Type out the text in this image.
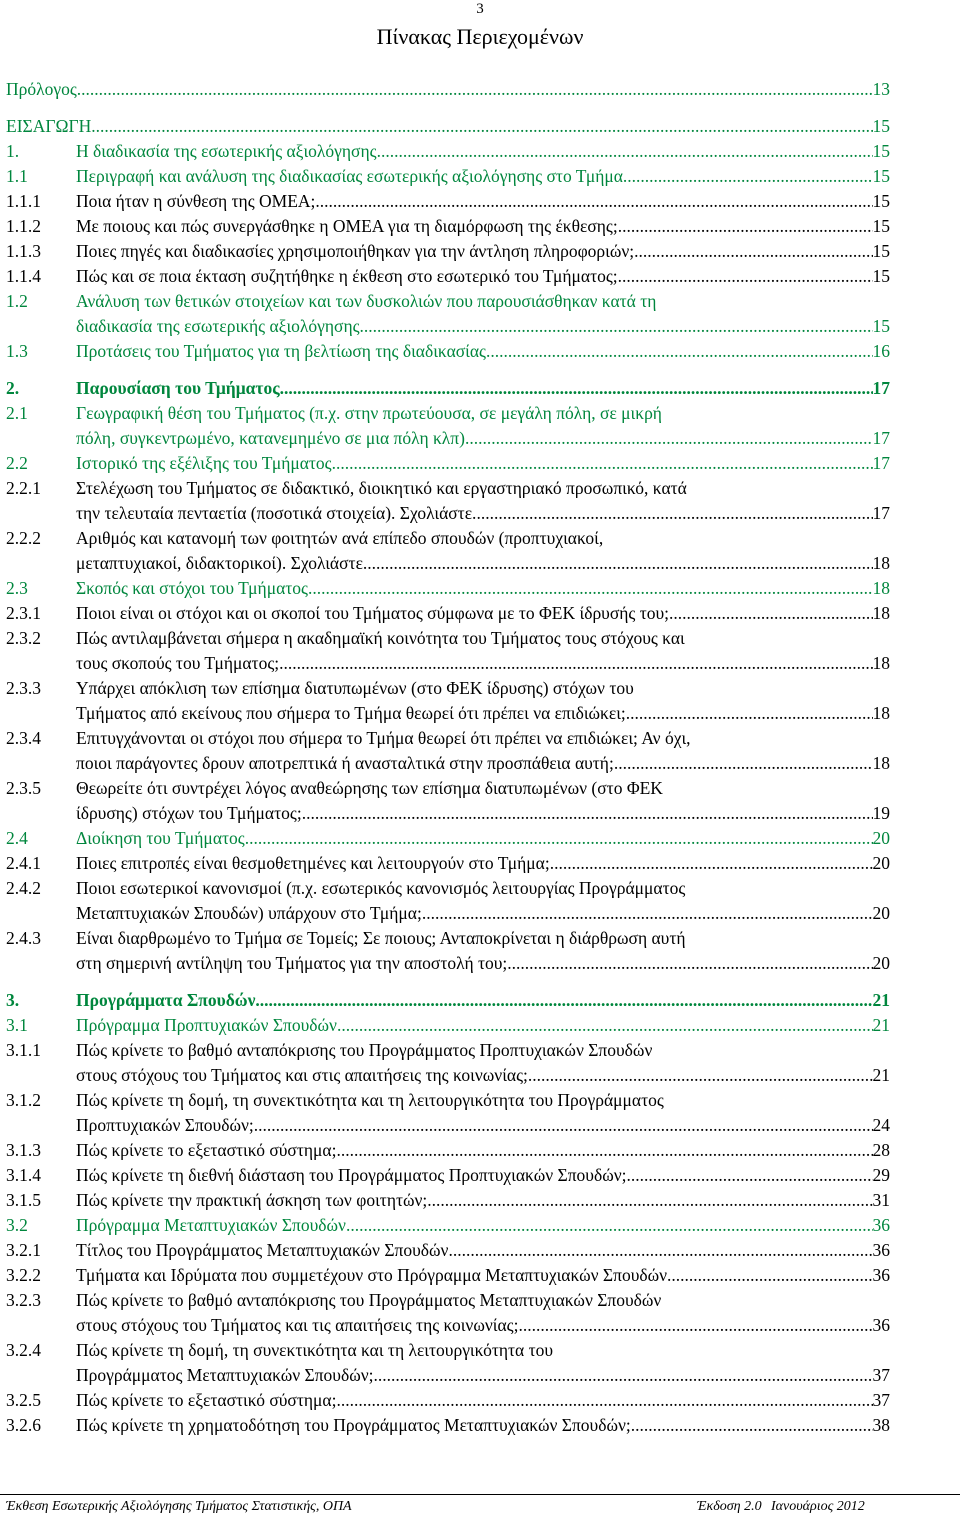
3
Πίνακας Περιεχομένων
Πρόλογος .....	13
ΕΙΣΑΓΩΓΗ .....	15
1.	Η διαδικασία της εσωτερικής αξιολόγησης .....	15
1.1	Περιγραφή και ανάλυση της διαδικασίας εσωτερικής αξιολόγησης στο Τμήμα. .....	15
1.1.1 Ποια ήταν η σύνθεση της ΟΜΕΑ; .....	15
1.1.2 Με ποιους και πώς συνεργάσθηκε η ΟΜΕΑ για τη διαμόρφωση της έκθεσης; .....	15
1.1.3 Ποιες πηγές και διαδικασίες χρησιμοποιήθηκαν για την άντληση πληροφοριών; .....	15
1.1.4 Πώς και σε ποια έκταση συζητήθηκε η έκθεση στο εσωτερικό του Τμήματος; .....	15
1.2	Ανάλυση των θετικών στοιχείων και των δυσκολιών που παρουσιάσθηκαν κατά τη
διαδικασία της εσωτερικής αξιολόγησης. .....	15
1.3	Προτάσεις του Τμήματος για τη βελτίωση της διαδικασίας. .....	16
2.	Παρουσίαση του Τμήματος .....	17
2.1	Γεωγραφική θέση του Τμήματος (π.χ. στην πρωτεύουσα, σε μεγάλη πόλη, σε μικρή
πόλη, συγκεντρωμένο, κατανεμημένο σε μια πόλη κλπ) .....	17
2.2	Ιστορικό της εξέλιξης του Τμήματος. .....	17
2.2.1 Στελέχωση του Τμήματος σε διδακτικό, διοικητικό και εργαστηριακό προσωπικό, κατά
την τελευταία πενταετία (ποσοτικά στοιχεία). Σχολιάστε. .....	17
2.2.2 Αριθμός και κατανομή των φοιτητών ανά επίπεδο σπουδών (προπτυχιακοί,
μεταπτυχιακοί, διδακτορικοί). Σχολιάστε. .....	18
2.3	Σκοπός και στόχοι του Τμήματος. .....	18
2.3.1 Ποιοι είναι οι στόχοι και οι σκοποί του Τμήματος σύμφωνα με το ΦΕΚ ίδρυσής του; .....	18
2.3.2 Πώς αντιλαμβάνεται σήμερα η ακαδημαϊκή κοινότητα του Τμήματος τους στόχους και
τους σκοπούς του Τμήματος; .....	18
2.3.3 Υπάρχει απόκλιση των επίσημα διατυπωμένων (στο ΦΕΚ ίδρυσης) στόχων του
Τμήματος από εκείνους που σήμερα το Τμήμα θεωρεί ότι πρέπει να επιδιώκει; .....	18
2.3.4 Επιτυγχάνονται οι στόχοι που σήμερα το Τμήμα θεωρεί ότι πρέπει να επιδιώκει; Αν όχι,
ποιοι παράγοντες δρουν αποτρεπτικά ή ανασταλτικά στην προσπάθεια αυτή; .....	18
2.3.5 Θεωρείτε ότι συντρέχει λόγος αναθεώρησης των επίσημα διατυπωμένων (στο ΦΕΚ
ίδρυσης) στόχων του Τμήματος; .....	19
2.4	Διοίκηση του Τμήματος. .....	20
2.4.1 Ποιες επιτροπές είναι θεσμοθετημένες και λειτουργούν στο Τμήμα; .....	20
2.4.2 Ποιοι εσωτερικοί κανονισμοί (π.χ. εσωτερικός κανονισμός λειτουργίας Προγράμματος
Μεταπτυχιακών Σπουδών) υπάρχουν στο Τμήμα; .....	20
2.4.3 Είναι διαρθρωμένο το Τμήμα σε Τομείς; Σε ποιους; Ανταποκρίνεται η διάρθρωση αυτή
στη σημερινή αντίληψη του Τμήματος για την αποστολή του; .....	20
3.	Προγράμματα Σπουδών .....	21
3.1	Πρόγραμμα Προπτυχιακών Σπουδών .....	21
3.1.1 Πώς κρίνετε το βαθμό ανταπόκρισης του Προγράμματος Προπτυχιακών Σπουδών
στους στόχους του Τμήματος και στις απαιτήσεις της κοινωνίας; .....	21
3.1.2 Πώς κρίνετε τη δομή, τη συνεκτικότητα και τη λειτουργικότητα του Προγράμματος
Προπτυχιακών Σπουδών; .....	24
3.1.3 Πώς κρίνετε το εξεταστικό σύστημα; .....	28
3.1.4 Πώς κρίνετε τη διεθνή διάσταση του Προγράμματος Προπτυχιακών Σπουδών; .....	29
3.1.5 Πώς κρίνετε την πρακτική άσκηση των φοιτητών; .....	31
3.2	Πρόγραμμα Μεταπτυχιακών Σπουδών .....	36
3.2.1 Τίτλος του Προγράμματος Μεταπτυχιακών Σπουδών .....	36
3.2.2 Τμήματα και Ιδρύματα που συμμετέχουν στο Πρόγραμμα Μεταπτυχιακών Σπουδών. .....	36
3.2.3 Πώς κρίνετε το βαθμό ανταπόκρισης του Προγράμματος Μεταπτυχιακών Σπουδών
στους στόχους του Τμήματος και τις απαιτήσεις της κοινωνίας; .....	36
3.2.4 Πώς κρίνετε τη δομή, τη συνεκτικότητα και τη λειτουργικότητα του
Προγράμματος Μεταπτυχιακών Σπουδών; .....	37
3.2.5 Πώς κρίνετε το εξεταστικό σύστημα; .....	37
3.2.6 Πώς κρίνετε τη χρηματοδότηση του Προγράμματος Μεταπτυχιακών Σπουδών; .....	38
Έκθεση Εσωτερικής Αξιολόγησης Τμήματος Στατιστικής, ΟΠΑ	Έκδοση 2.0 Ιανουάριος 2012
